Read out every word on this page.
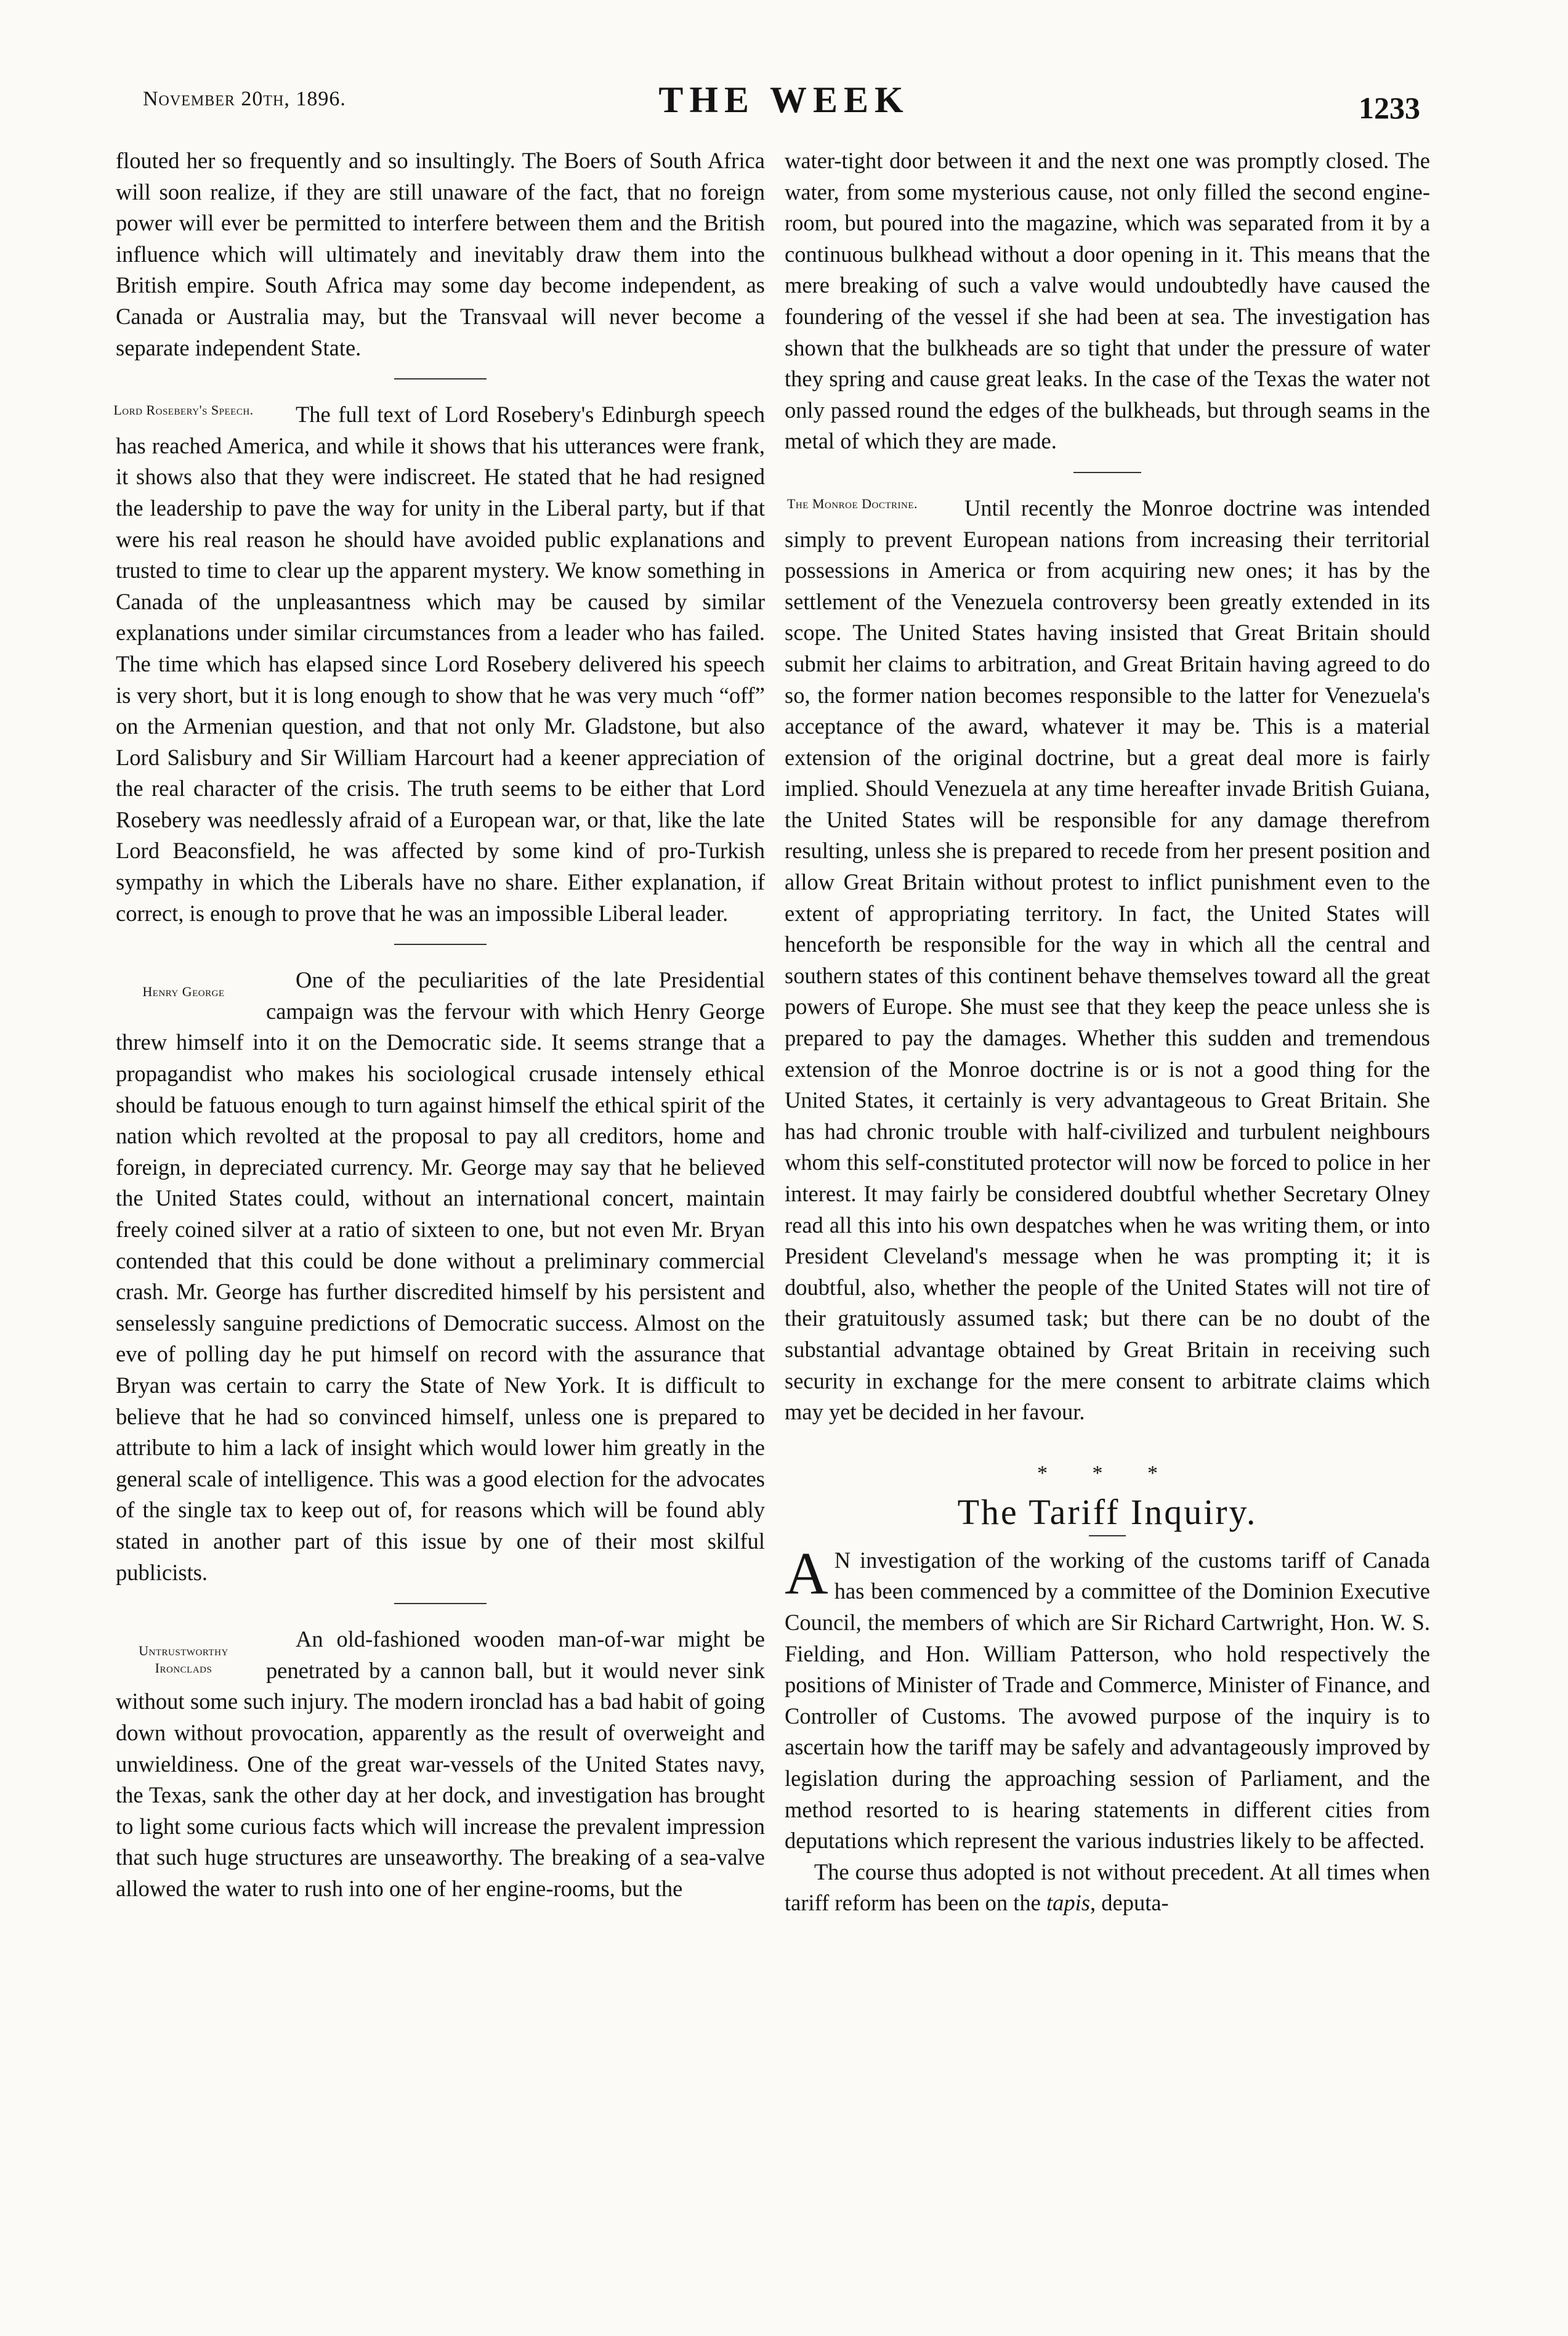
November 20th, 1896.	THE WEEK	1233

flouted her so frequently and so insultingly. The Boers of South Africa will soon realize, if they are still unaware of the fact, that no foreign power will ever be permitted to interfere between them and the British influence which will ultimately and inevitably draw them into the British empire. South Africa may some day become independent, as Canada or Australia may, but the Transvaal will never become a separate independent State.

Lord Rosebery's Speech.	The full text of Lord Rosebery's Edinburgh speech has reached America, and while it shows that his utterances were frank, it shows also that they were indiscreet. He stated that he had resigned the leadership to pave the way for unity in the Liberal party, but if that were his real reason he should have avoided public explanations and trusted to time to clear up the apparent mystery. We know something in Canada of the unpleasantness which may be caused by similar explanations under similar circumstances from a leader who has failed. The time which has elapsed since Lord Rosebery delivered his speech is very short, but it is long enough to show that he was very much “off” on the Armenian question, and that not only Mr. Gladstone, but also Lord Salisbury and Sir William Harcourt had a keener appreciation of the real character of the crisis. The truth seems to be either that Lord Rosebery was needlessly afraid of a European war, or that, like the late Lord Beaconsfield, he was affected by some kind of pro-Turkish sympathy in which the Liberals have no share. Either explanation, if correct, is enough to prove that he was an impossible Liberal leader.

Henry George	One of the peculiarities of the late Presidential campaign was the fervour with which Henry George threw himself into it on the Democratic side. It seems strange that a propagandist who makes his sociological crusade intensely ethical should be fatuous enough to turn against himself the ethical spirit of the nation which revolted at the proposal to pay all creditors, home and foreign, in depreciated currency. Mr. George may say that he believed the United States could, without an international concert, maintain freely coined silver at a ratio of sixteen to one, but not even Mr. Bryan contended that this could be done without a preliminary commercial crash. Mr. George has further discredited himself by his persistent and senselessly sanguine predictions of Democratic success. Almost on the eve of polling day he put himself on record with the assurance that Bryan was certain to carry the State of New York. It is difficult to believe that he had so convinced himself, unless one is prepared to attribute to him a lack of insight which would lower him greatly in the general scale of intelligence. This was a good election for the advocates of the single tax to keep out of, for reasons which will be found ably stated in another part of this issue by one of their most skilful publicists.

Untrustworthy Ironclads

An old-fashioned wooden man-of-war might be penetrated by a cannon ball, but it would never sink without some such injury. The modern ironclad has a bad habit of going down without provocation, apparently as the result of overweight and unwieldiness. One of the great war-vessels of the United States navy, the Texas, sank the other day at her dock, and investigation has brought to light some curious facts which will increase the prevalent impression that such huge structures are unseaworthy. The breaking of a sea-valve allowed the water to rush into one of her engine-rooms, but the

water-tight door between it and the next one was promptly closed. The water, from some mysterious cause, not only filled the second engine-room, but poured into the magazine, which was separated from it by a continuous bulkhead without a door opening in it. This means that the mere breaking of such a valve would undoubtedly have caused the foundering of the vessel if she had been at sea. The investigation has shown that the bulkheads are so tight that under the pressure of water they spring and cause great leaks. In the case of the Texas the water not only passed round the edges of the bulkheads, but through seams in the metal of which they are made.

The Monroe Doctrine.	Until recently the Monroe doctrine was intended simply to prevent European nations from increasing their territorial possessions in America or from acquiring new ones; it has by the settlement of the Venezuela controversy been greatly extended in its scope. The United States having insisted that Great Britain should submit her claims to arbitration, and Great Britain having agreed to do so, the former nation becomes responsible to the latter for Venezuela's acceptance of the award, whatever it may be. This is a material extension of the original doctrine, but a great deal more is fairly implied. Should Venezuela at any time hereafter invade British Guiana, the United States will be responsible for any damage therefrom resulting, unless she is prepared to recede from her present position and allow Great Britain without protest to inflict punishment even to the extent of appropriating territory. In fact, the United States will henceforth be responsible for the way in which all the central and southern states of this continent behave themselves toward all the great powers of Europe. She must see that they keep the peace unless she is prepared to pay the damages. Whether this sudden and tremendous extension of the Monroe doctrine is or is not a good thing for the United States, it certainly is very advantageous to Great Britain. She has had chronic trouble with half-civilized and turbulent neighbours whom this self-constituted protector will now be forced to police in her interest. It may fairly be considered doubtful whether Secretary Olney read all this into his own despatches when he was writing them, or into President Cleveland's message when he was prompting it; it is doubtful, also, whether the people of the United States will not tire of their gratuitously assumed task; but there can be no doubt of the substantial advantage obtained by Great Britain in receiving such security in exchange for the mere consent to arbitrate claims which may yet be decided in her favour.

* * *
The Tariff Inquiry.

A N investigation of the working of the customs tariff of Canada has been commenced by a committee of the Dominion Executive Council, the members of which are Sir Richard Cartwright, Hon. W. S. Fielding, and Hon. William Patterson, who hold respectively the positions of Minister of Trade and Commerce, Minister of Finance, and Controller of Customs. The avowed purpose of the inquiry is to ascertain how the tariff may be safely and advantageously improved by legislation during the approaching session of Parliament, and the method resorted to is hearing statements in different cities from deputations which represent the various industries likely to be affected.

The course thus adopted is not without precedent. At all times when tariff reform has been on the tapis, deputa-
